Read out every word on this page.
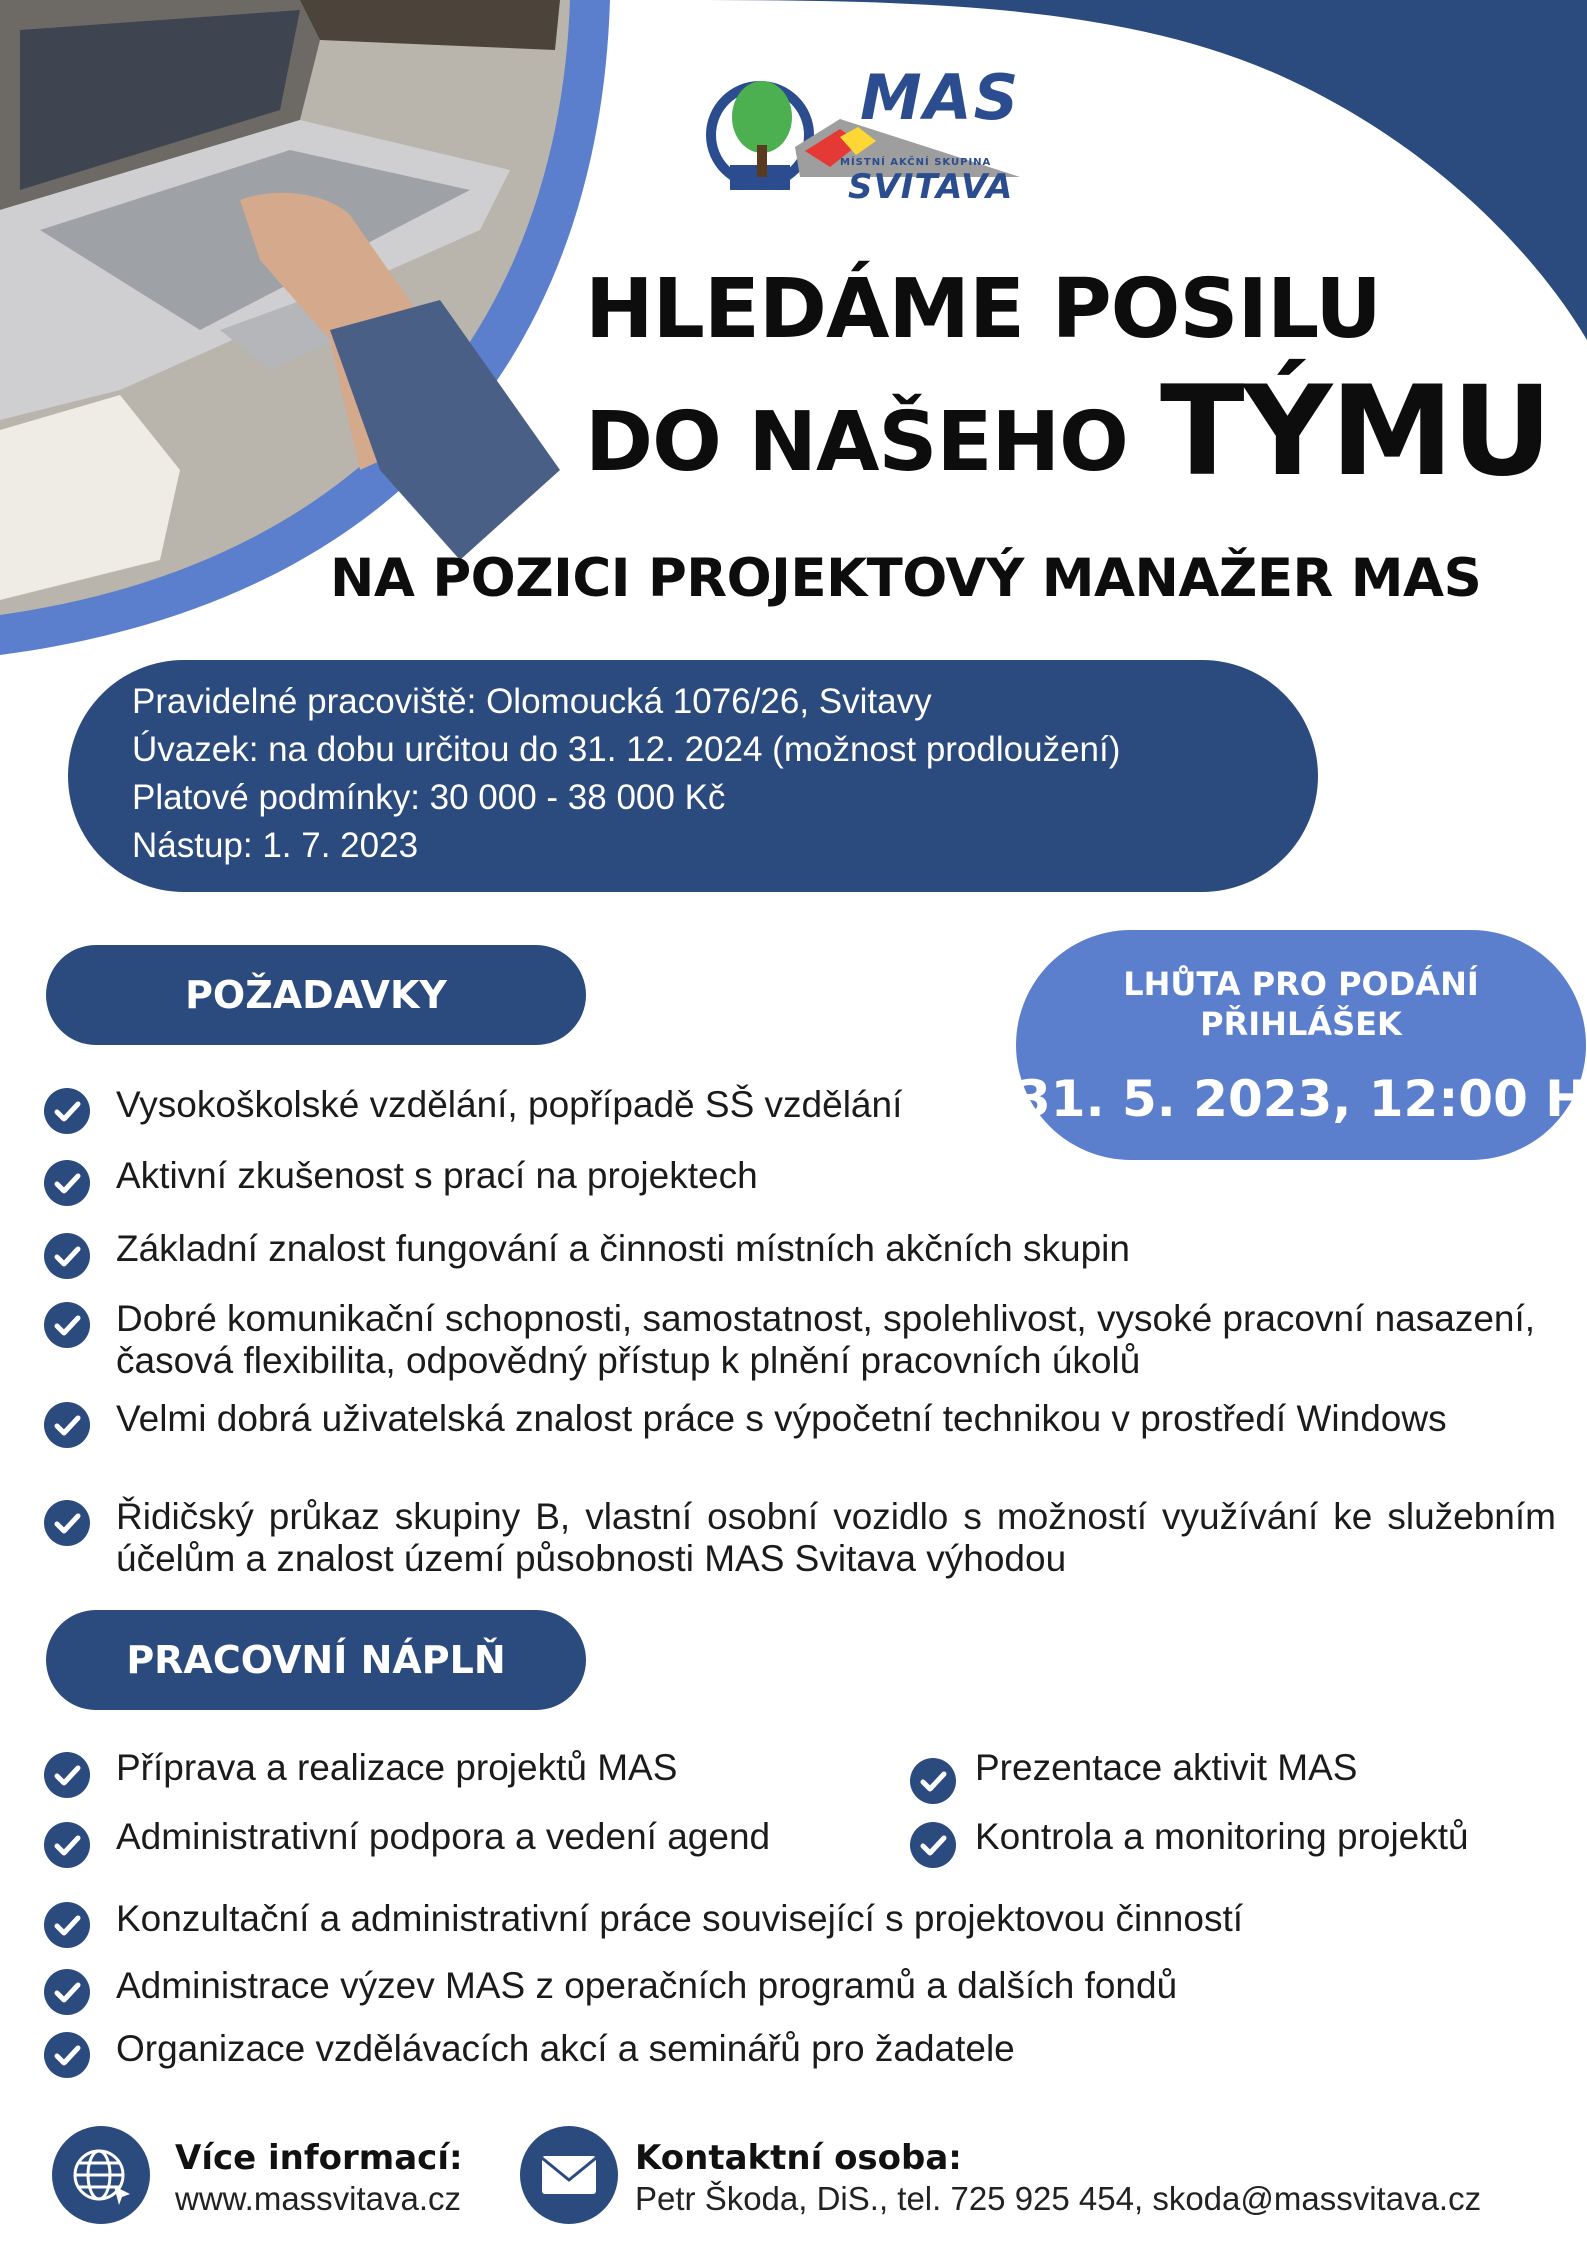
MAS
MÍSTNÍ AKČNÍ SKUPINA
SVITAVA
HLEDÁME POSILU
DO NAŠEHO TÝMU
NA POZICI PROJEKTOVÝ MANAŽER MAS
Pravidelné pracoviště: Olomoucká 1076/26, Svitavy
Úvazek: na dobu určitou do 31. 12. 2024 (možnost prodloužení)
Platové podmínky: 30 000 - 38 000 Kč
Nástup: 1. 7. 2023
POŽADAVKY	LHŮTA PRO PODÁNÍ
PŘIHLÁŠEK
31. 5. 2023, 12:00 H
Vysokoškolské vzdělání, popřípadě SŠ vzdělání
Aktivní zkušenost s prací na projektech
Základní znalost fungování a činnosti místních akčních skupin
Dobré komunikační schopnosti, samostatnost, spolehlivost, vysoké pracovní nasazení, časová flexibilita, odpovědný přístup k plnění pracovních úkolů
Velmi dobrá uživatelská znalost práce s výpočetní technikou v prostředí Windows
Řidičský průkaz skupiny B, vlastní osobní vozidlo s možností využívání ke služebním účelům a znalost území působnosti MAS Svitava výhodou
PRACOVNÍ NÁPLŇ
Příprava a realizace projektů MAS	Prezentace aktivit MAS
Administrativní podpora a vedení agend	Kontrola a monitoring projektů
Konzultační a administrativní práce související s projektovou činností
Administrace výzev MAS z operačních programů a dalších fondů
Organizace vzdělávacích akcí a seminářů pro žadatele
Více informací:
www.massvitava.cz
Kontaktní osoba:
Petr Škoda, DiS., tel. 725 925 454, skoda@massvitava.cz
